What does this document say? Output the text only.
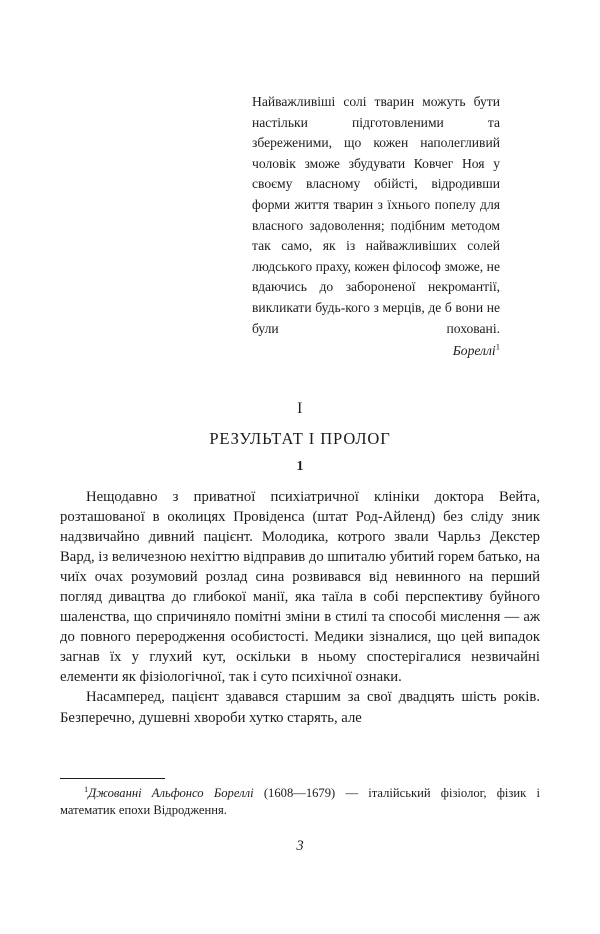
Найважливіші солі тварин можуть бути настільки підготовленими та збереженими, що кожен наполегливий чоловік зможе збудувати Ковчег Ноя у своєму власному обійсті, відродивши форми життя тварин з їхнього попелу для власного задоволення; подібним методом так само, як із найважливіших солей людського праху, кожен філософ зможе, не вдаючись до забороненої некромантії, викликати будь-кого з мерців, де б вони не були поховані.
Бореллі$^1$
I
РЕЗУЛЬТАТ І ПРОЛОГ
1

Нещодавно з приватної психіатричної клініки доктора Вейта, розташованої в околицях Провіденса (штат Род-Айленд) без сліду зник надзвичайно дивний пацієнт. Молодика, котрого звали Чарльз Декстер Вард, із величезною нехіттю відправив до шпиталю убитий горем батько, на чиїх очах розумовий розлад сина розвивався від невинного на перший погляд дивацтва до глибокої манії, яка таїла в собі перспективу буйного шаленства, що спричиняло помітні зміни в стилі та способі мислення — аж до повного переродження особистості. Медики зізналися, що цей випадок загнав їх у глухий кут, оскільки в ньому спостерігалися незвичайні елементи як фізіологічної, так і суто психічної ознаки.

Насамперед, пацієнт здавався старшим за свої двадцять шість років. Безперечно, душевні хвороби хутко старять, але

$^1$Джованні Альфонсо Бореллі (1608—1679) — італійський фізіолог, фізик і математик епохи Відродження.
3
